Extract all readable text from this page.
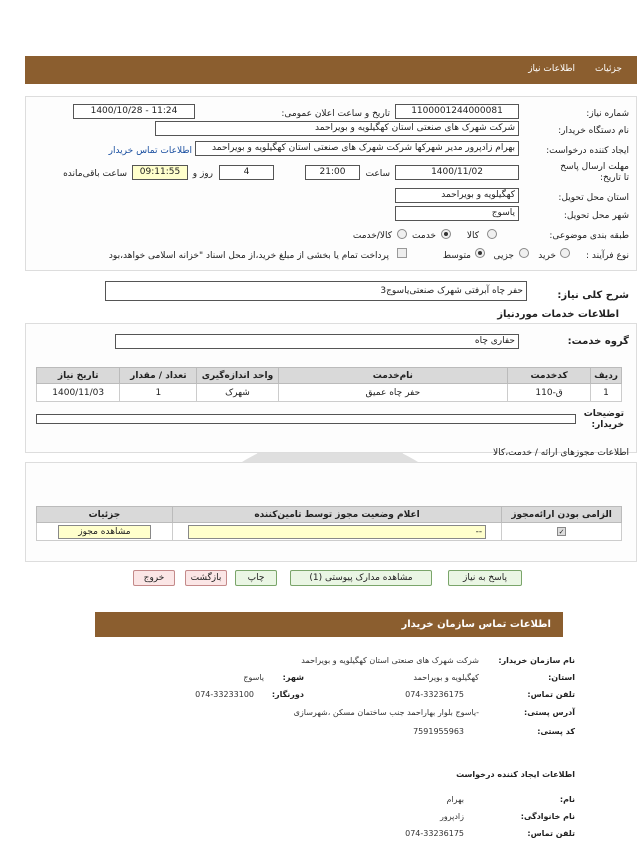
جزئیات
اطلاعات نیاز
شماره نیاز:
1100001244000081
تاریخ و ساعت اعلان عمومی:
1400/10/28 - 11:24
نام دستگاه خریدار:
شرکت شهرک های صنعتی استان کهگیلویه و بویراحمد
ایجاد کننده درخواست:
بهرام زادپرور مدیر شهرکها شرکت شهرک های صنعتی استان کهگیلویه و بویراحمد
اطلاعات تماس خریدار
مهلت ارسال پاسخ تا تاریخ:
1400/11/02
ساعت
21:00
4
روز و
09:11:55
ساعت باقی‌مانده
استان محل تحویل:
کهگیلویه و بویراحمد
شهر محل تحویل:
یاسوج
طبقه بندی موضوعی:
کالا
خدمت
کالا/خدمت
نوع فرآیند :
خرید
جزیی
متوسط
پرداخت تمام یا بخشی از مبلغ خرید،از محل اسناد "خزانه اسلامی خواهد،بود
شرح کلی نیاز:
حفر چاه آبرفتی شهرک صنعتی‌یاسوج3
اطلاعات خدمات مورد‌نیاز
گروه خدمت:
حفاری چاه
ردیف	کدخدمت	نام‌خدمت	واحد اندازه‌گیری	تعداد / مقدار	تاریخ نیاز
1	ق-110	حفر چاه عمیق	شهرک	1	1400/11/03
توضیحات خریدار:
اطلاعات مجوزهای ارائه / خدمت،کالا
الزامی بودن ارائه‌مجوز	اعلام وضعیت مجوز توسط تامین‌کننده	جزئیات
✓	--	مشاهده مجوز
پاسخ به نیاز
مشاهده مدارک پیوستی (1)
چاپ
بازگشت
خروج
اطلاعات تماس سازمان خریدار
نام سازمان خریدار:
شرکت شهرک های صنعتی استان کهگیلویه و بویراحمد
استان:
کهگیلویه و بویراحمد
شهر:
یاسوج
تلفن تماس:
074-33236175
دورنگار:
074-33233100
آدرس پستی:
-یاسوج بلوار بهاراحمد جنب ساختمان مسکن ،شهرسازی
کد پستی:
7591955963
اطلاعات ایجاد کننده درخواست
نام:
بهرام
نام خانوادگی:
زادپرور
تلفن تماس:
074-33236175
